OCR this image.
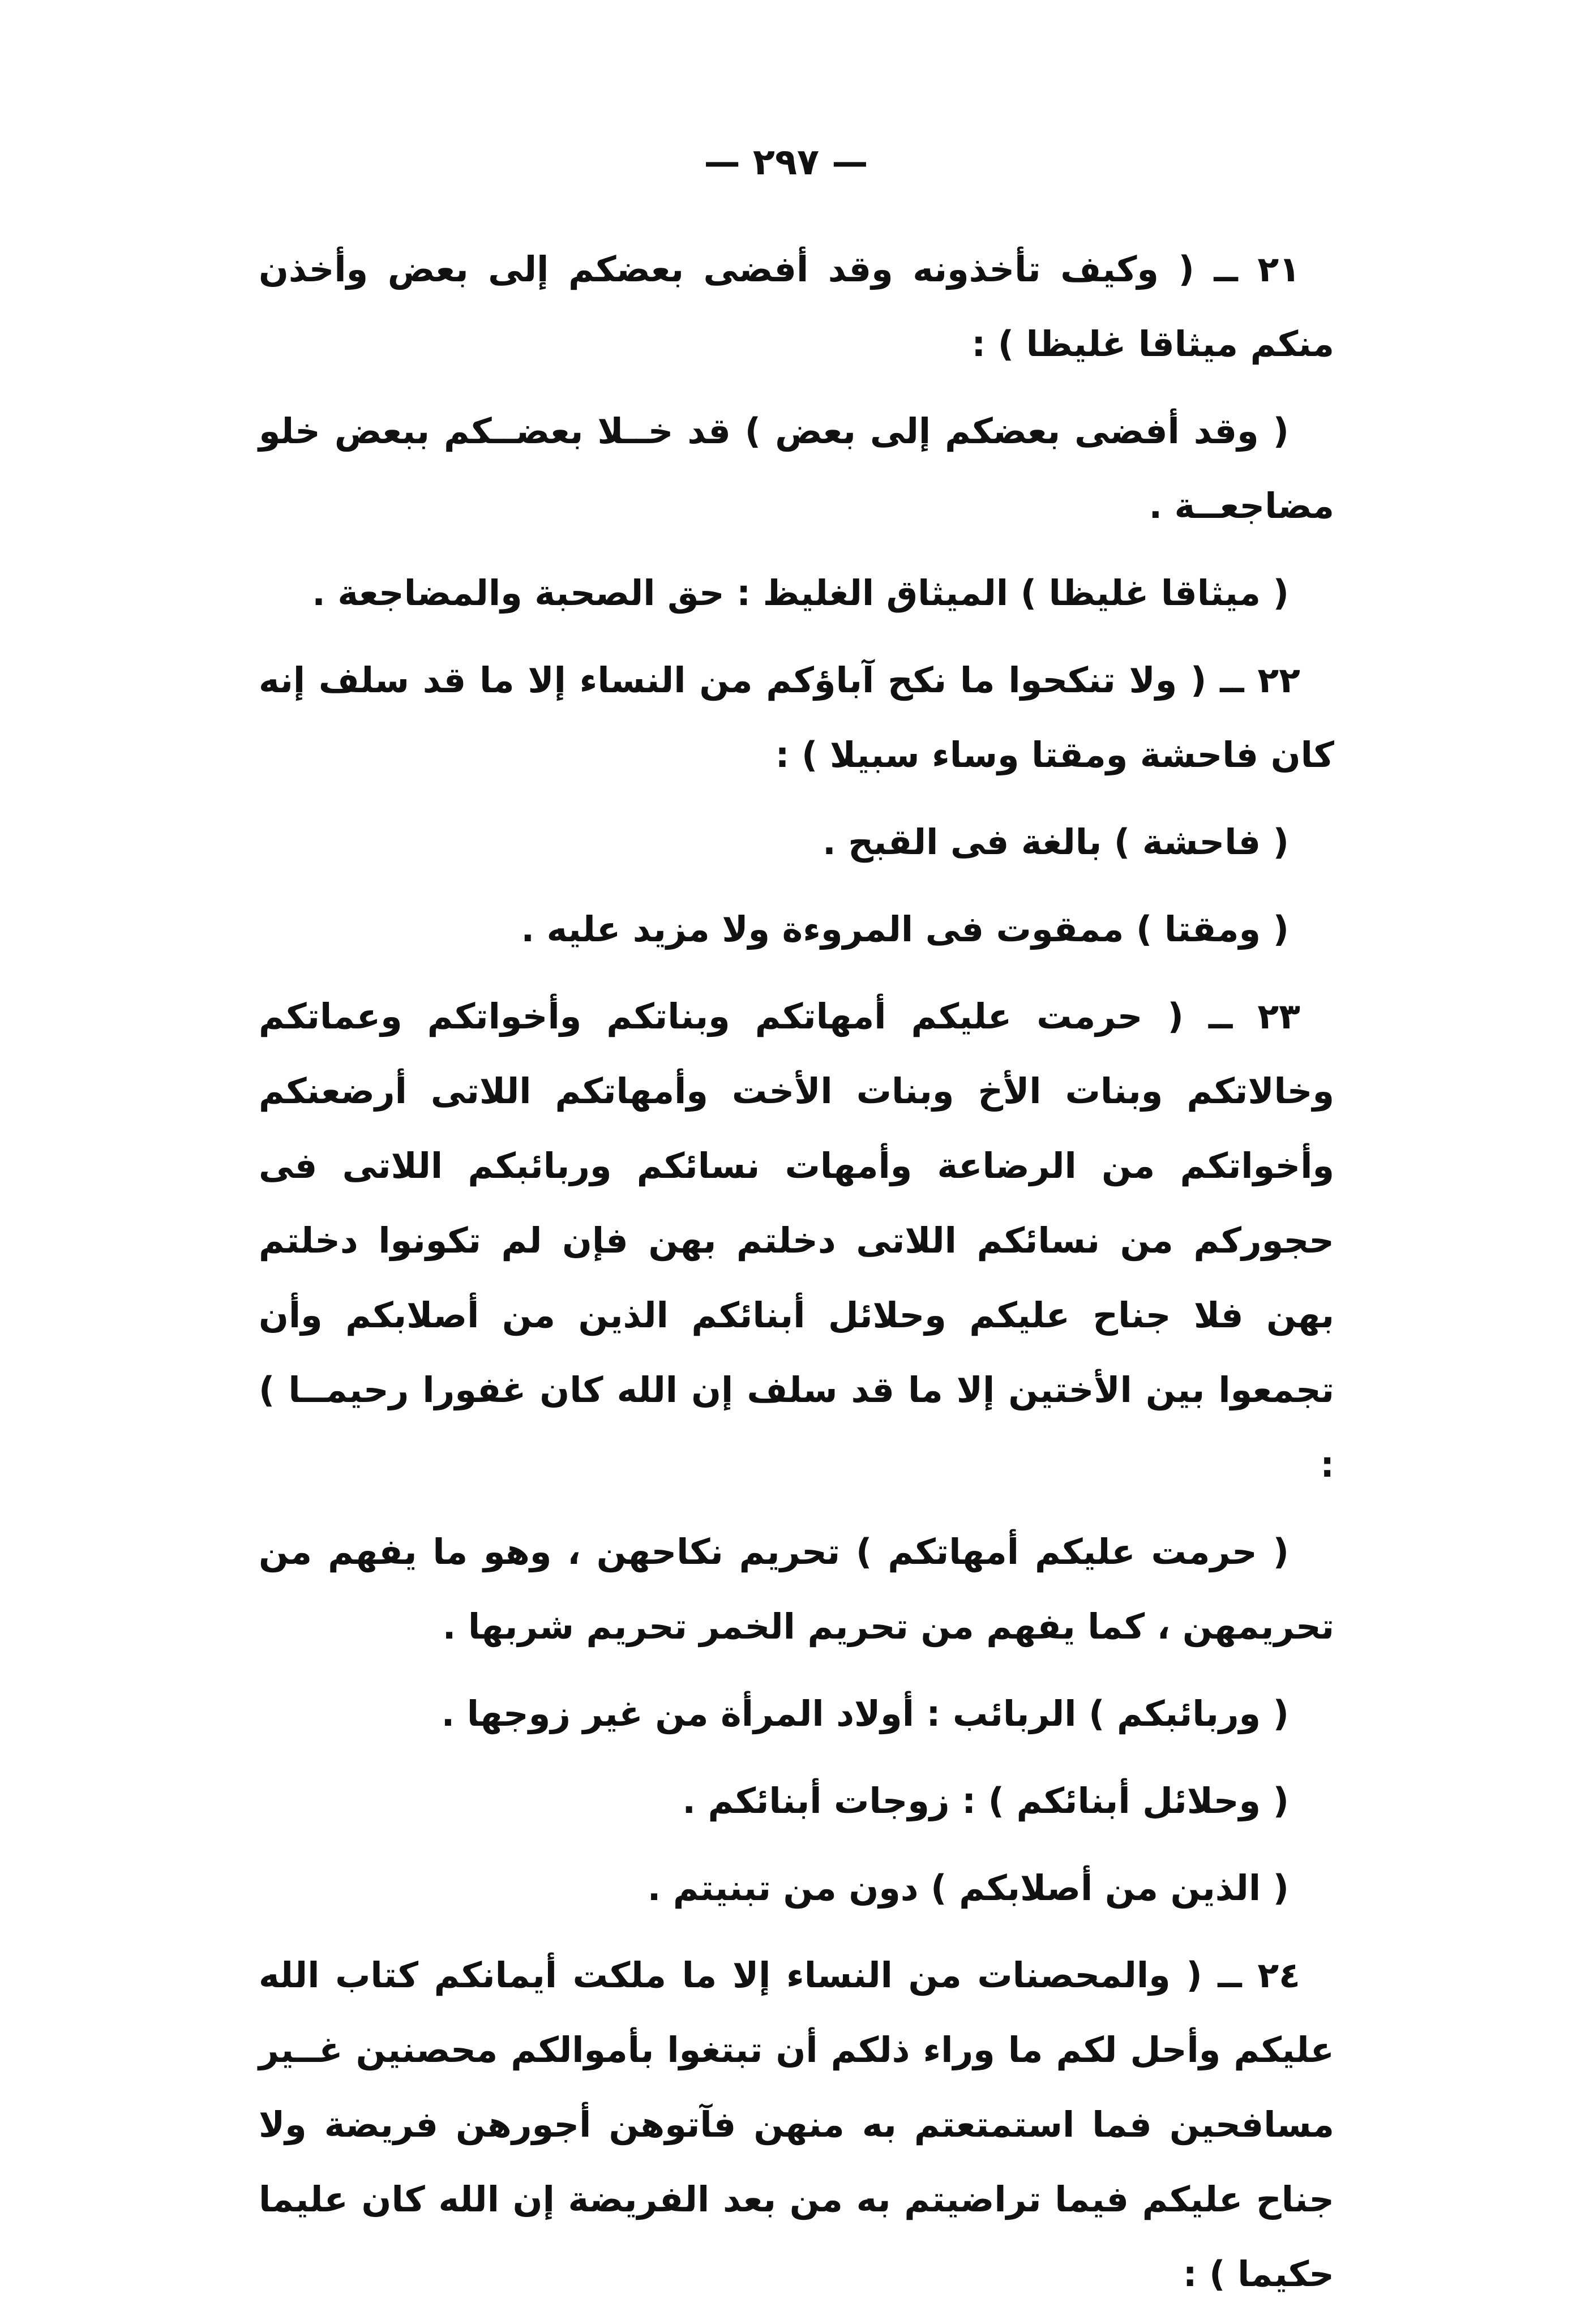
— ٢٩٧ —

٢١ ــ ( وكيف تأخذونه وقد أفضى بعضكم إلى بعض وأخذن منكم ميثاقا غليظا ) :

( وقد أفضى بعضكم إلى بعض ) قد خــلا بعضــكم ببعض خلو مضاجعــة .

( ميثاقا غليظا ) الميثاق الغليظ : حق الصحبة والمضاجعة .

٢٢ ــ ( ولا تنكحوا ما نكح آباؤكم من النساء إلا ما قد سلف إنه كان فاحشة ومقتا وساء سبيلا ) :

( فاحشة ) بالغة فى القبح .

( ومقتا ) ممقوت فى المروءة ولا مزيد عليه .

٢٣ ــ ( حرمت عليكم أمهاتكم وبناتكم وأخواتكم وعماتكم وخالاتكم وبنات الأخ وبنات الأخت وأمهاتكم اللاتى أرضعنكم وأخواتكم من الرضاعة وأمهات نسائكم وربائبكم اللاتى فى حجوركم من نسائكم اللاتى دخلتم بهن فإن لم تكونوا دخلتم بهن فلا جناح عليكم وحلائل أبنائكم الذين من أصلابكم وأن تجمعوا بين الأختين إلا ما قد سلف إن الله كان غفورا رحيمــا ) :

( حرمت عليكم أمهاتكم ) تحريم نكاحهن ، وهو ما يفهم من تحريمهن ، كما يفهم من تحريم الخمر تحريم شربها .

( وربائبكم ) الربائب : أولاد المرأة من غير زوجها .

( وحلائل أبنائكم ) : زوجات أبنائكم .

( الذين من أصلابكم ) دون من تبنيتم .

٢٤ ــ ( والمحصنات من النساء إلا ما ملكت أيمانكم كتاب الله عليكم وأحل لكم ما وراء ذلكم أن تبتغوا بأموالكم محصنين غــير مسافحين فما استمتعتم به منهن فآتوهن أجورهن فريضة ولا جناح عليكم فيما تراضيتم به من بعد الفريضة إن الله كان عليما حكيما ) :
